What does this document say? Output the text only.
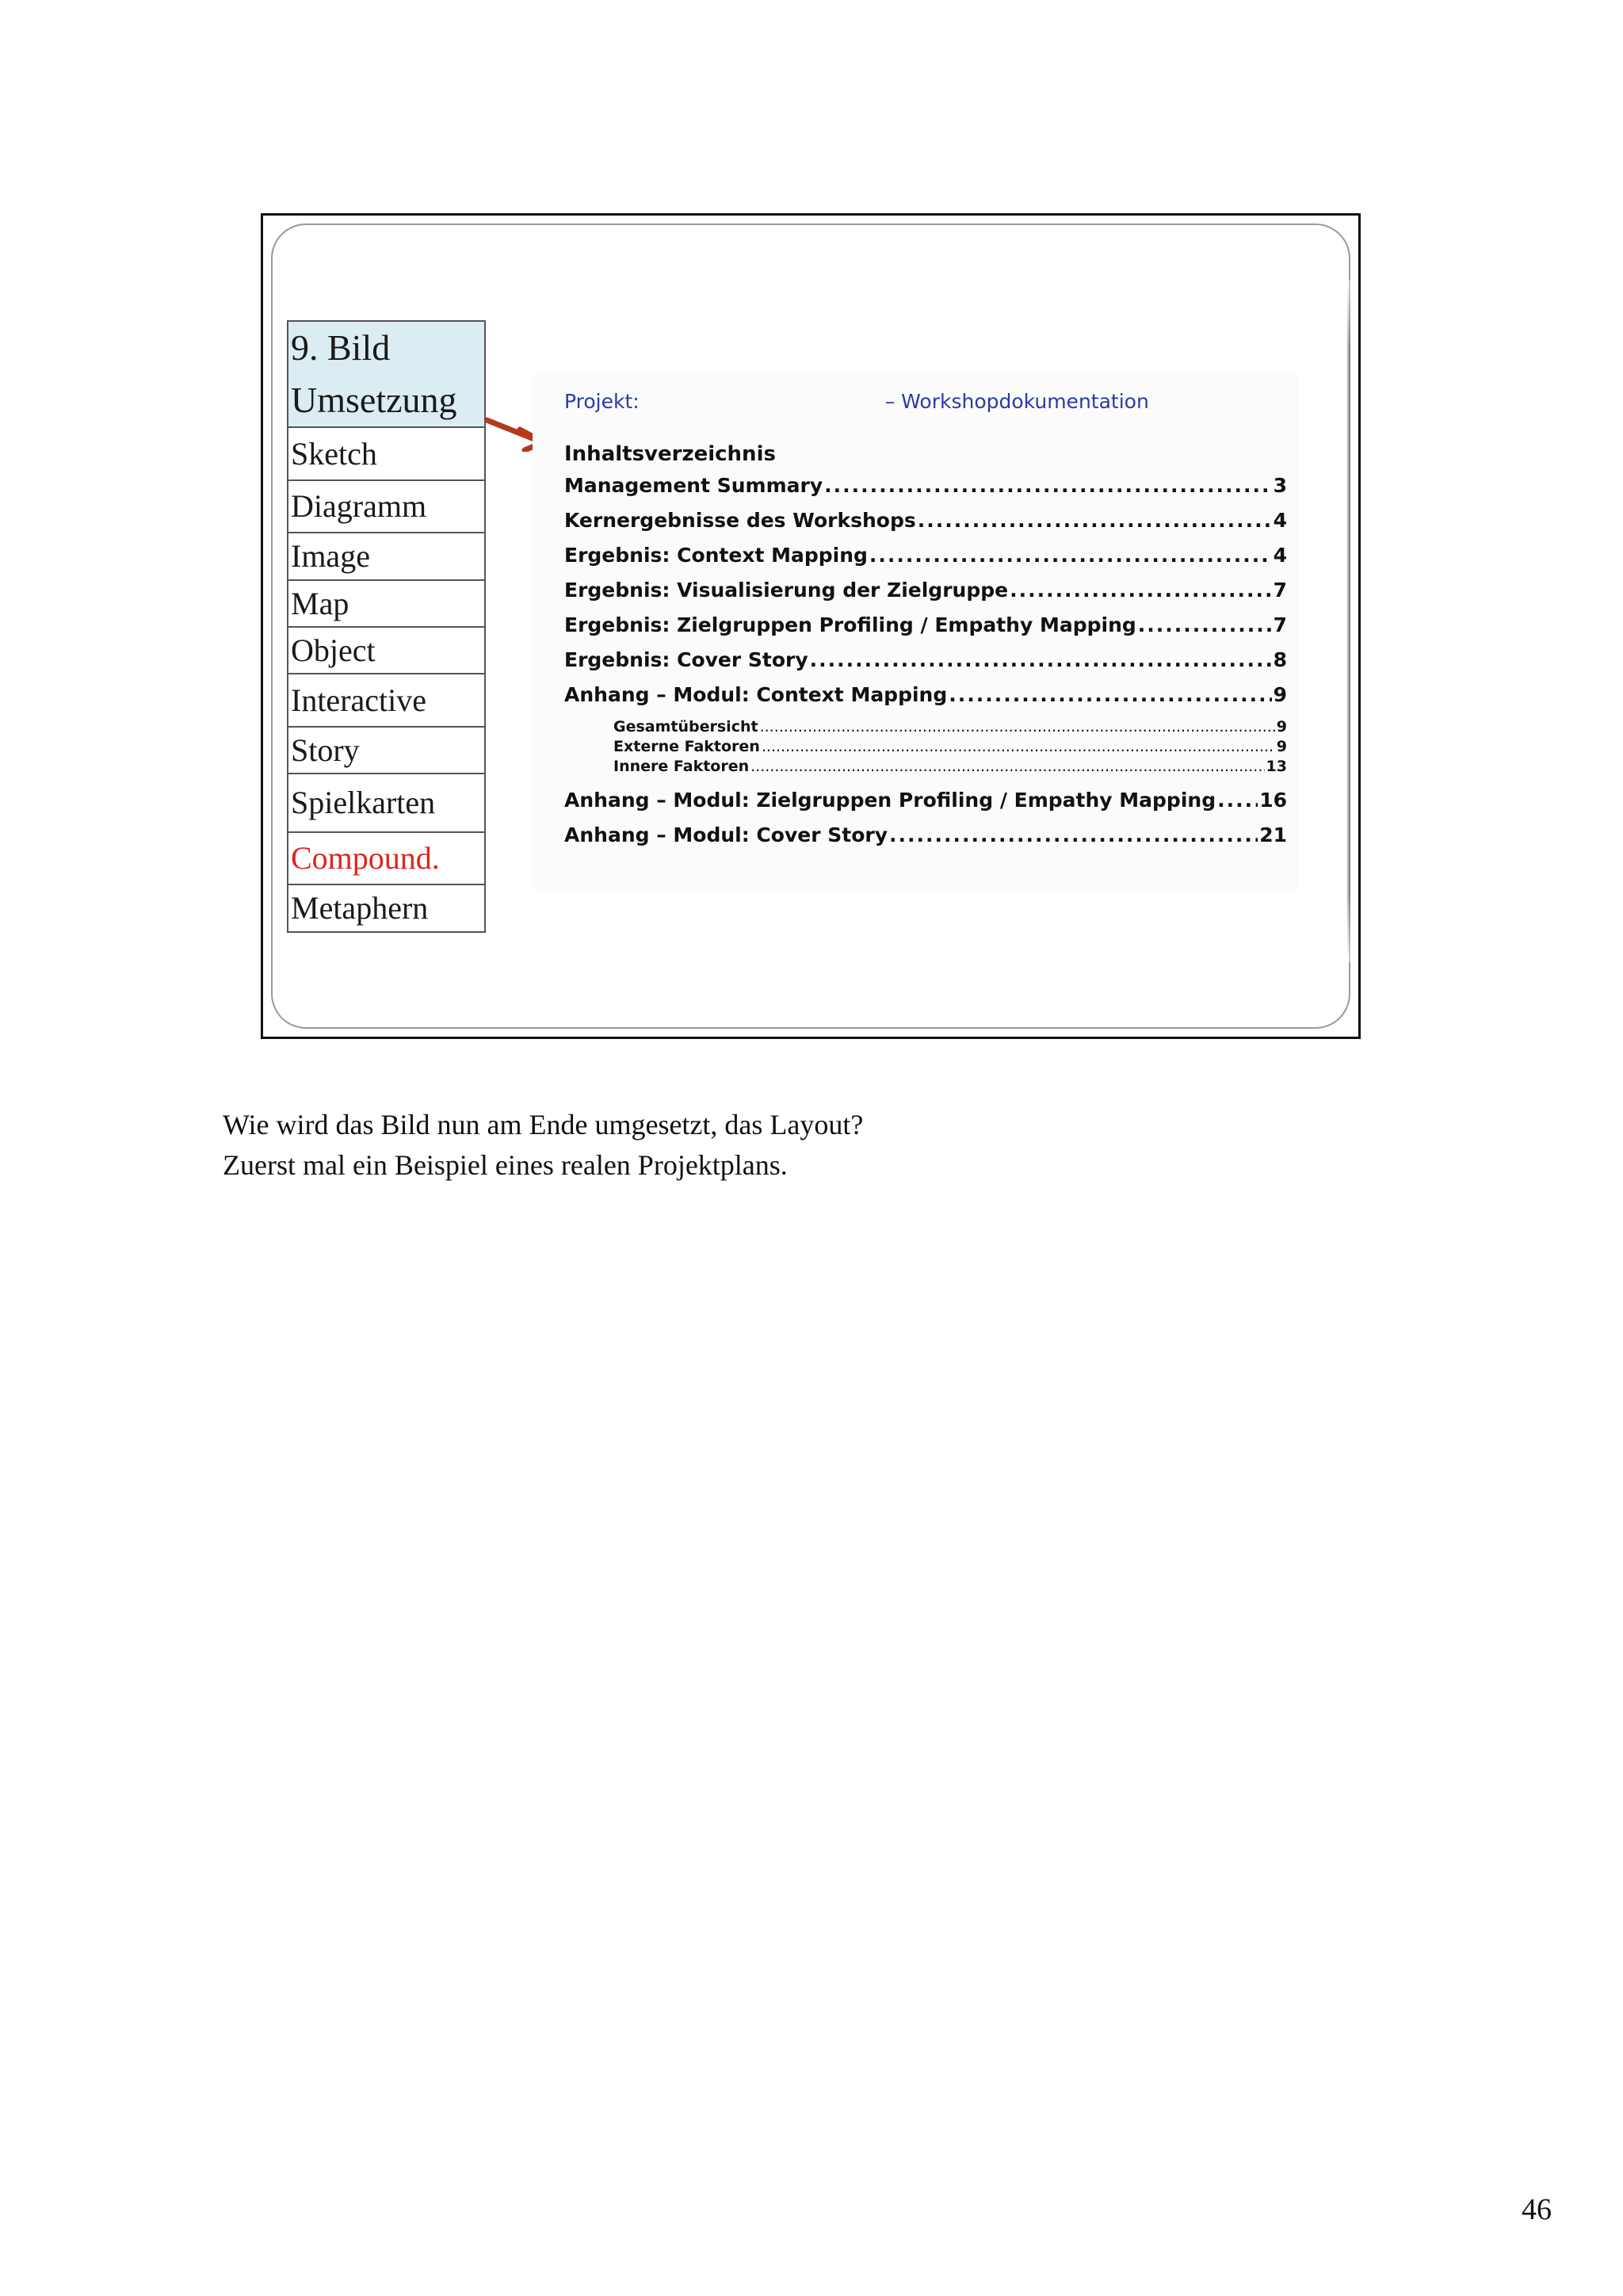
9. Bild
Umsetzung

Sketch
Diagramm
Image
Map
Object
Interactive
Story
Spielkarten
Compound.
Metaphern
Projekt:	– Workshopdokumentation
Inhaltsverzeichnis
Management Summary .....	3
Kernergebnisse des Workshops .....	4
Ergebnis: Context Mapping .....	4
Ergebnis: Visualisierung der Zielgruppe .....	7
Ergebnis: Zielgruppen Profiling / Empathy Mapping .....	7
Ergebnis: Cover Story .....	8
Anhang – Modul: Context Mapping .....	9
Gesamtübersicht .....	9
Externe Faktoren .....	9
Innere Faktoren .....	13
Anhang – Modul: Zielgruppen Profiling / Empathy Mapping ..... 16
Anhang – Modul: Cover Story .....	21
Wie wird das Bild nun am Ende umgesetzt, das Layout?
Zuerst mal ein Beispiel eines realen Projektplans.
46
